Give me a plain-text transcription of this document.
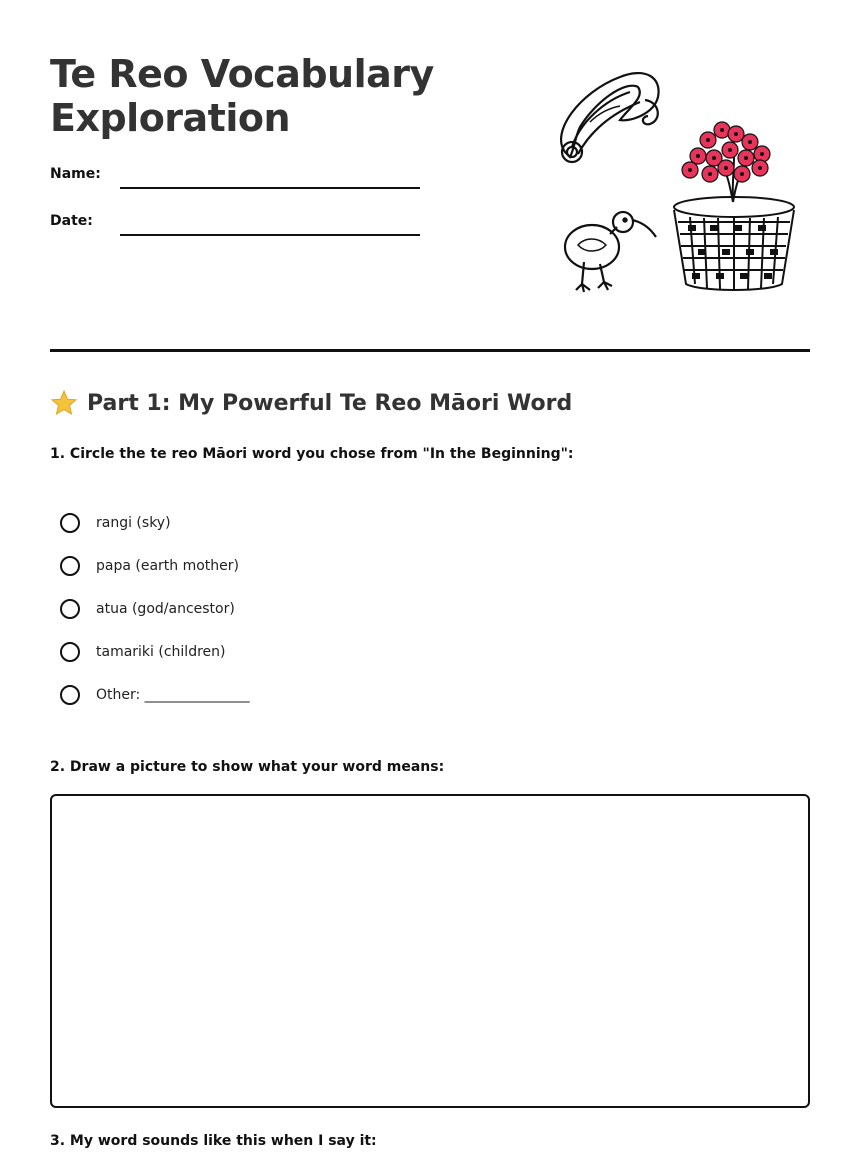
Te Reo Vocabulary
Exploration
Name:
Date:
Part 1: My Powerful Te Reo Māori Word
1. Circle the te reo Māori word you chose from "In the Beginning":
rangi (sky)
papa (earth mother)
atua (god/ancestor)
tamariki (children)
Other: _______________
2. Draw a picture to show what your word means:
3. My word sounds like this when I say it:
